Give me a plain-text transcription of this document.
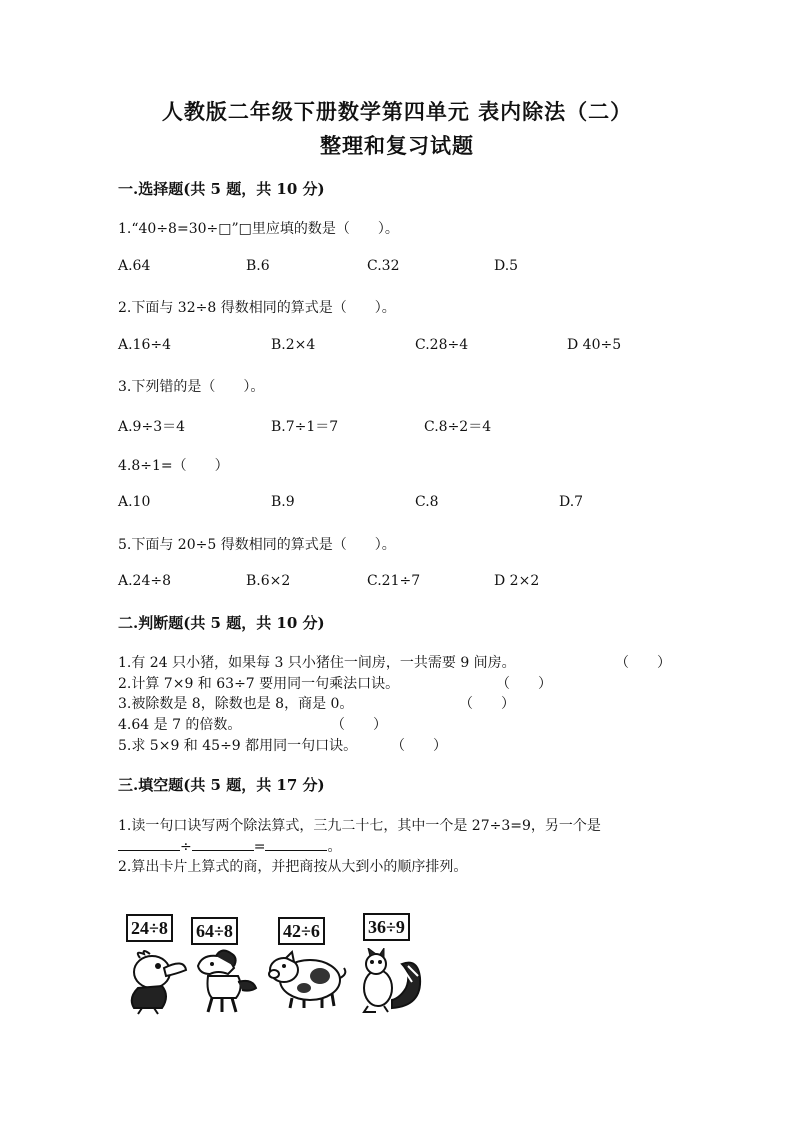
人教版二年级下册数学第四单元 表内除法（二）
整理和复习试题
一.选择题(共 5 题，共 10 分)
1.“40÷8=30÷□”□里应填的数是（　　）。
A.64	B.6	C.32	D.5
2.下面与 32÷8 得数相同的算式是（　　）。
A.16÷4	B.2×4	C.28÷4	D 40÷5
3.下列错的是（　　）。
A.9÷3＝4	B.7÷1＝7	C.8÷2＝4
4.8÷1=（　　）
A.10	B.9	C.8	D.7
5.下面与 20÷5 得数相同的算式是（　　）。
A.24÷8	B.6×2	C.21÷7	D 2×2
二.判断题(共 5 题，共 10 分)
1.有 24 只小猪，如果每 3 只小猪住一间房，一共需要 9 间房。	（　　）
2.计算 7×9 和 63÷7 要用同一句乘法口诀。	（　　）
3.被除数是 8，除数也是 8，商是 0。	（　　）
4.64 是 7 的倍数。	（　　）
5.求 5×9 和 45÷9 都用同一句口诀。 （　　）
三.填空题(共 5 题，共 17 分)
1.读一句口诀写两个除法算式，三九二十七，其中一个是 27÷3=9，另一个是
÷	=	。
2.算出卡片上算式的商，并把商按从大到小的顺序排列。
24÷8 64÷8	42÷6	36÷9
